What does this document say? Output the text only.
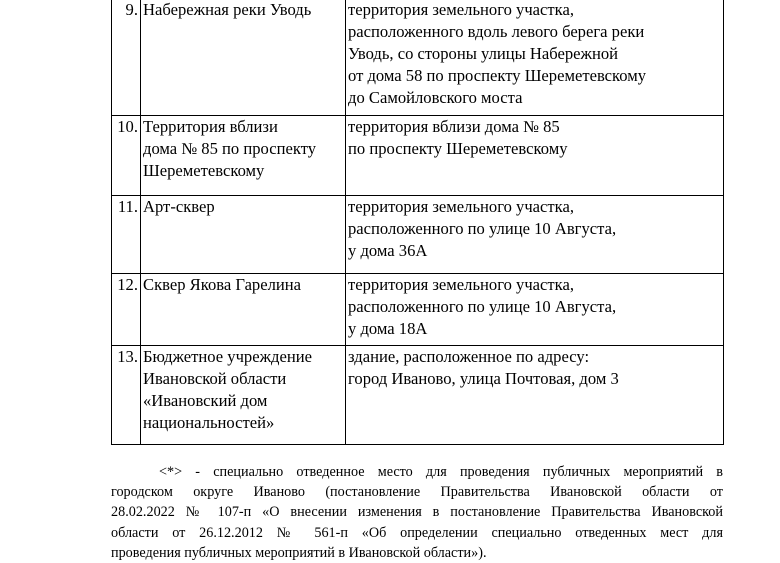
9.	Набережная реки Уводь	территория земельного участка,
расположенного вдоль левого берега реки
Уводь, со стороны улицы Набережной
от дома 58 по проспекту Шереметевскому
до Самойловского моста

10.	Территория вблизи
дома № 85 по проспекту
Шереметевскому	территория вблизи дома № 85
по проспекту Шереметевскому

11.	Арт-сквер	территория земельного участка,
расположенного по улице 10 Августа,
у дома 36А

12.	Сквер Якова Гарелина	территория земельного участка,
расположенного по улице 10 Августа,
у дома 18А

13.	Бюджетное учреждение
Ивановской области
«Ивановский дом
национальностей»	здание, расположенное по адресу:
город Иваново, улица Почтовая, дом 3

<*> - специально отведенное место для проведения публичных мероприятий в
городском округе Иваново (постановление Правительства Ивановской области от
28.02.2022 № 107-п «О внесении изменения в постановление Правительства Ивановской
области от 26.12.2012 № 561-п «Об определении специально отведенных мест для
проведения публичных мероприятий в Ивановской области»).
